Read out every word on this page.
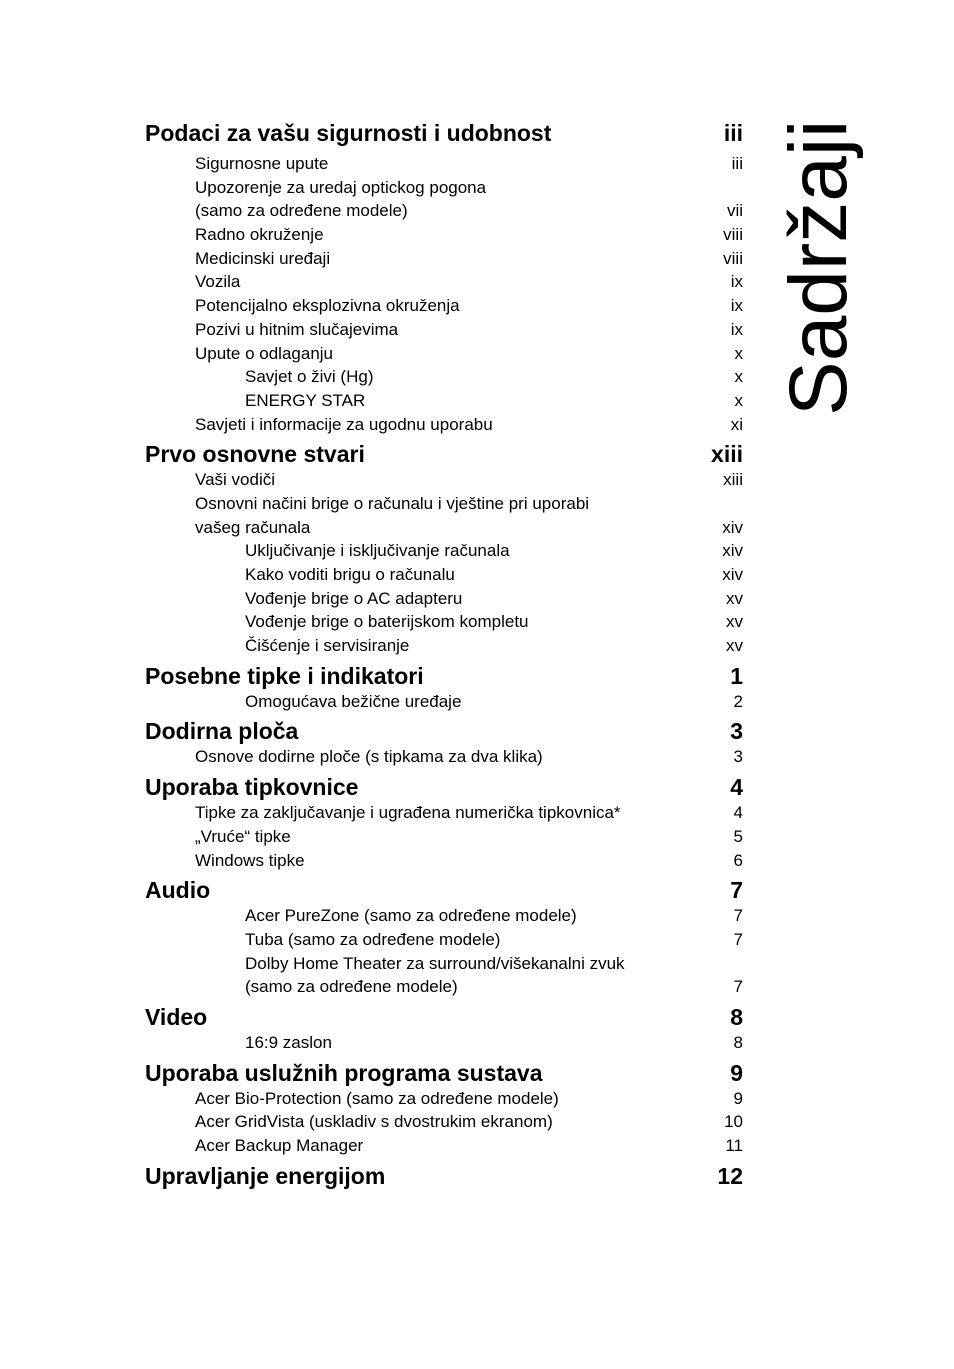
Sadržaji
Podaci za vašu sigurnosti i udobnost	iii
Sigurnosne upute	iii
Upozorenje za uredaj optickog pogona
(samo za određene modele)	vii
Radno okruženje	viii
Medicinski uređaji	viii
Vozila	ix
Potencijalno eksplozivna okruženja	ix
Pozivi u hitnim slučajevima	ix
Upute o odlaganju	x
Savjet o živi (Hg)	x
ENERGY STAR	x
Savjeti i informacije za ugodnu uporabu	xi
Prvo osnovne stvari	xiii
Vaši vodiči	xiii
Osnovni načini brige o računalu i vještine pri uporabi
vašeg računala	xiv
Uključivanje i isključivanje računala	xiv
Kako voditi brigu o računalu	xiv
Vođenje brige o AC adapteru	xv
Vođenje brige o baterijskom kompletu	xv
Čišćenje i servisiranje	xv
Posebne tipke i indikatori	1
Omogućava bežične uređaje	2
Dodirna ploča	3
Osnove dodirne ploče (s tipkama za dva klika)	3
Uporaba tipkovnice	4
Tipke za zaključavanje i ugrađena numerička tipkovnica*	4
„Vruće“ tipke	5
Windows tipke	6
Audio	7
Acer PureZone (samo za određene modele)	7
Tuba (samo za određene modele)	7
Dolby Home Theater za surround/višekanalni zvuk
(samo za određene modele)	7
Video	8
16:9 zaslon	8
Uporaba uslužnih programa sustava	9
Acer Bio-Protection (samo za određene modele)	9
Acer GridVista (uskladiv s dvostrukim ekranom)	10
Acer Backup Manager	11
Upravljanje energijom	12
